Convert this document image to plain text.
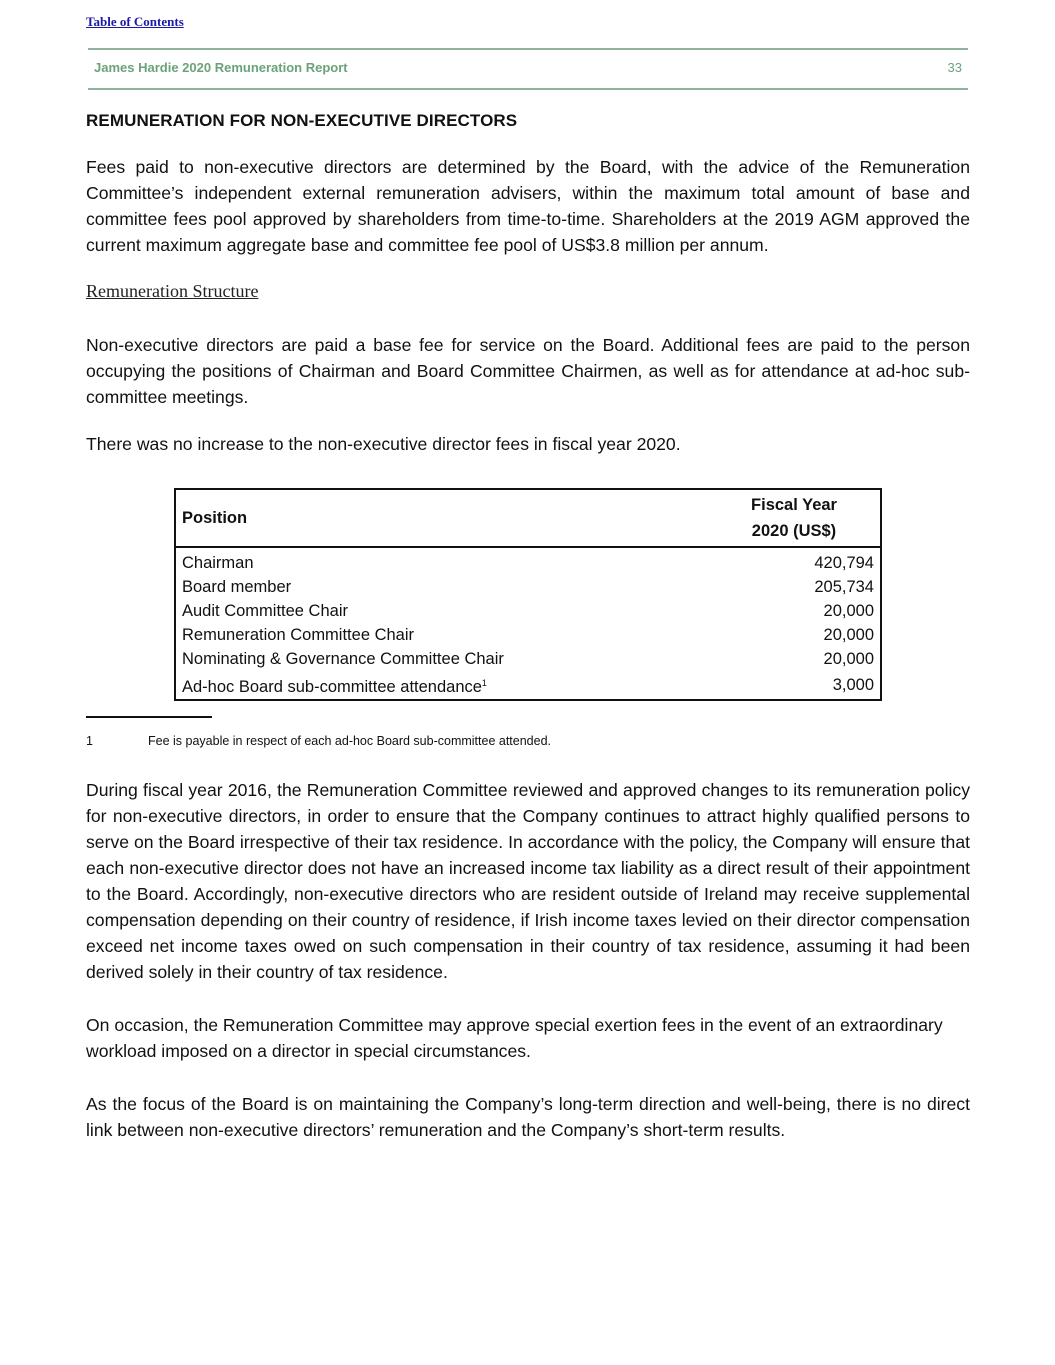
Table of Contents
James Hardie 2020 Remuneration Report	33
REMUNERATION FOR NON-EXECUTIVE DIRECTORS

Fees paid to non-executive directors are determined by the Board, with the advice of the Remuneration Committee’s independent external remuneration advisers, within the maximum total amount of base and committee fees pool approved by shareholders from time-to-time. Shareholders at the 2019 AGM approved the current maximum aggregate base and committee fee pool of US$3.8 million per annum.

Remuneration Structure

Non-executive directors are paid a base fee for service on the Board. Additional fees are paid to the person occupying the positions of Chairman and Board Committee Chairmen, as well as for attendance at ad-hoc sub-committee meetings.

There was no increase to the non-executive director fees in fiscal year 2020.

Position	Fiscal Year
2020 (US$)
Chairman	420,794
Board member	205,734
Audit Committee Chair	20,000
Remuneration Committee Chair	20,000
Nominating & Governance Committee Chair	20,000
Ad-hoc Board sub-committee attendance$^1$	3,000
1	Fee is payable in respect of each ad-hoc Board sub-committee attended.

During fiscal year 2016, the Remuneration Committee reviewed and approved changes to its remuneration policy for non-executive directors, in order to ensure that the Company continues to attract highly qualified persons to serve on the Board irrespective of their tax residence. In accordance with the policy, the Company will ensure that each non-executive director does not have an increased income tax liability as a direct result of their appointment to the Board. Accordingly, non-executive directors who are resident outside of Ireland may receive supplemental compensation depending on their country of residence, if Irish income taxes levied on their director compensation exceed net income taxes owed on such compensation in their country of tax residence, assuming it had been derived solely in their country of tax residence.

On occasion, the Remuneration Committee may approve special exertion fees in the event of an extraordinary workload imposed on a director in special circumstances.

As the focus of the Board is on maintaining the Company’s long-term direction and well-being, there is no direct link between non-executive directors’ remuneration and the Company’s short-term results.
